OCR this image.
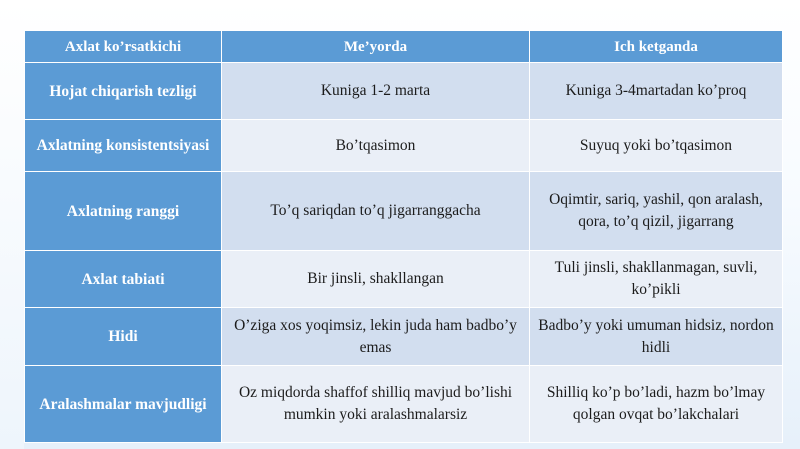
Axlat ko’rsatkichi	Me’yorda	Ich ketganda
Hojat chiqarish tezligi	Kuniga 1-2 marta	Kuniga 3-4martadan ko’proq
Axlatning konsistentsiyasi	Bo’tqasimon	Suyuq yoki bo’tqasimon
Axlatning ranggi	To’q sariqdan to’q jigarranggacha	Oqimtir, sariq, yashil, qon aralash, qora, to’q qizil, jigarrang
Axlat tabiati	Bir jinsli, shakllangan	Tuli jinsli, shakllanmagan, suvli, ko’pikli
Hidi	O’ziga xos yoqimsiz, lekin juda ham badbo’y emas	Badbo’y yoki umuman hidsiz, nordon hidli
Aralashmalar mavjudligi	Oz miqdorda shaffof shilliq mavjud bo’lishi mumkin yoki aralashmalarsiz	Shilliq ko’p bo’ladi, hazm bo’lmay qolgan ovqat bo’lakchalari
